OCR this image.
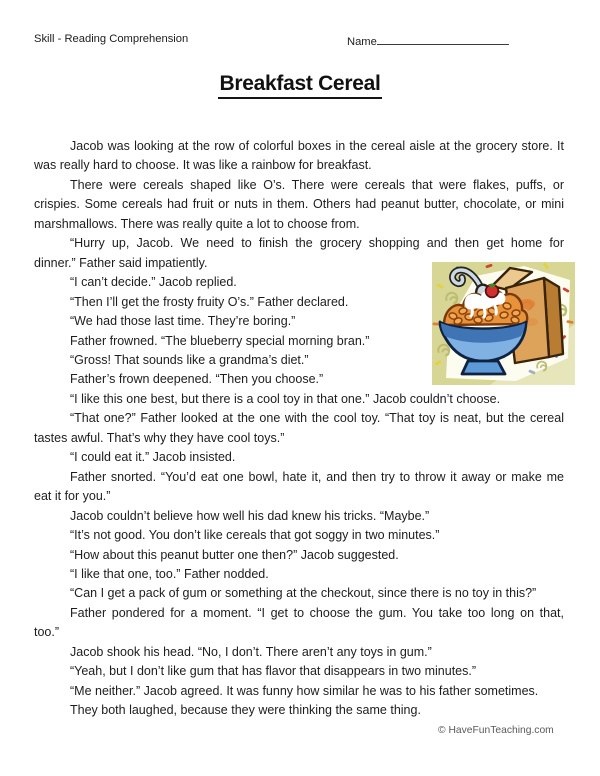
Skill - Reading Comprehension	Name
Breakfast Cereal
Jacob was looking at the row of colorful boxes in the cereal aisle at the grocery store. It
was really hard to choose. It was like a rainbow for breakfast.
There were cereals shaped like O’s. There were cereals that were flakes, puffs, or
crispies. Some cereals had fruit or nuts in them. Others had peanut butter, chocolate, or mini
marshmallows. There was really quite a lot to choose from.
“Hurry up, Jacob. We need to finish the grocery shopping and then get home for
dinner.” Father said impatiently.
“I can’t decide.” Jacob replied.
“Then I’ll get the frosty fruity O’s.” Father declared.
“We had those last time. They’re boring.”
Father frowned. “The blueberry special morning bran.”
“Gross! That sounds like a grandma’s diet.”
Father’s frown deepened. “Then you choose.”
“I like this one best, but there is a cool toy in that one.” Jacob couldn’t choose.
“That one?” Father looked at the one with the cool toy. “That toy is neat, but the cereal
tastes awful. That’s why they have cool toys.”
“I could eat it.” Jacob insisted.
Father snorted. “You’d eat one bowl, hate it, and then try to throw it away or make me
eat it for you.”
Jacob couldn’t believe how well his dad knew his tricks. “Maybe.”
“It’s not good. You don’t like cereals that got soggy in two minutes.”
“How about this peanut butter one then?” Jacob suggested.
“I like that one, too.” Father nodded.
“Can I get a pack of gum or something at the checkout, since there is no toy in this?”
Father pondered for a moment. “I get to choose the gum. You take too long on that,
too.”
Jacob shook his head. “No, I don’t. There aren’t any toys in gum.”
“Yeah, but I don’t like gum that has flavor that disappears in two minutes.”
“Me neither.” Jacob agreed. It was funny how similar he was to his father sometimes.
They both laughed, because they were thinking the same thing.
© HaveFunTeaching.com
